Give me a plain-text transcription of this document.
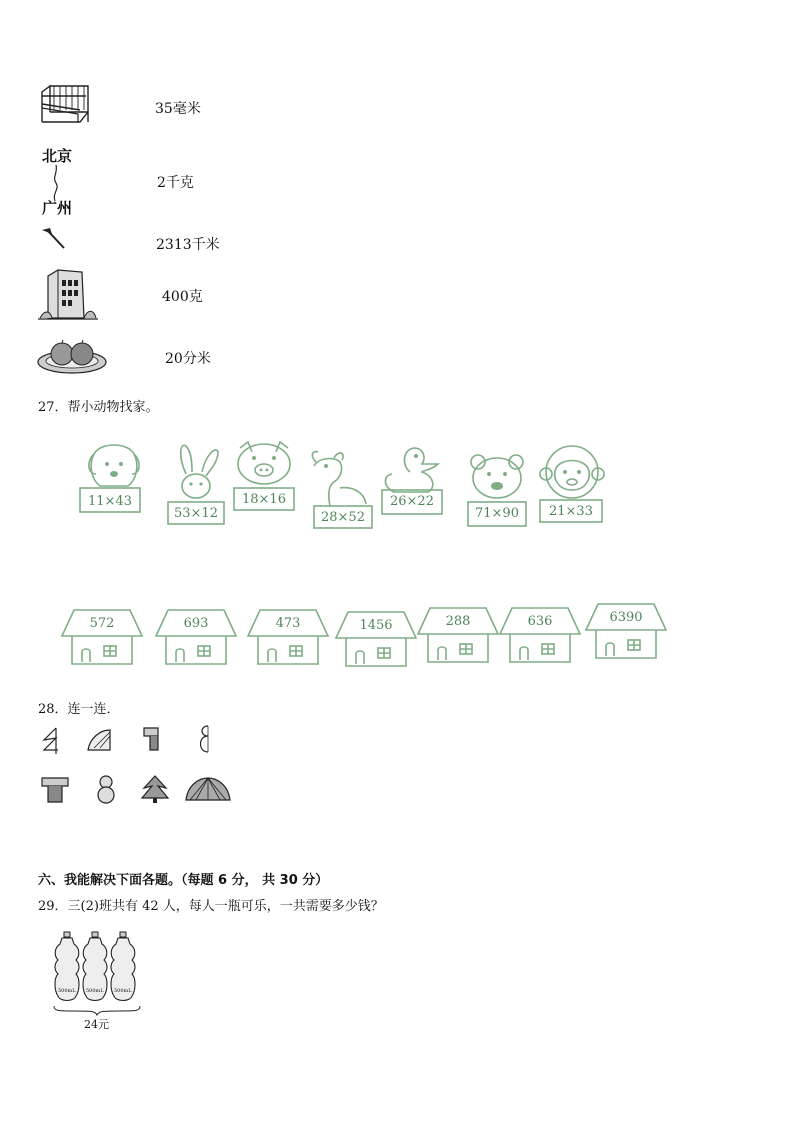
35毫米
北京
广州
2千克
2313千米
400克
20分米
27．帮小动物找家。
11×43
53×12
18×16
28×52
26×22
71×90	21×33
572	693	473	1456	288	636	6390
28．连一连．
六、我能解决下面各题。（每题 6 分， 共 30 分）
29．三(2)班共有 42 人，每人一瓶可乐，一共需要多少钱？
500mL 500mL 500mL
24元
